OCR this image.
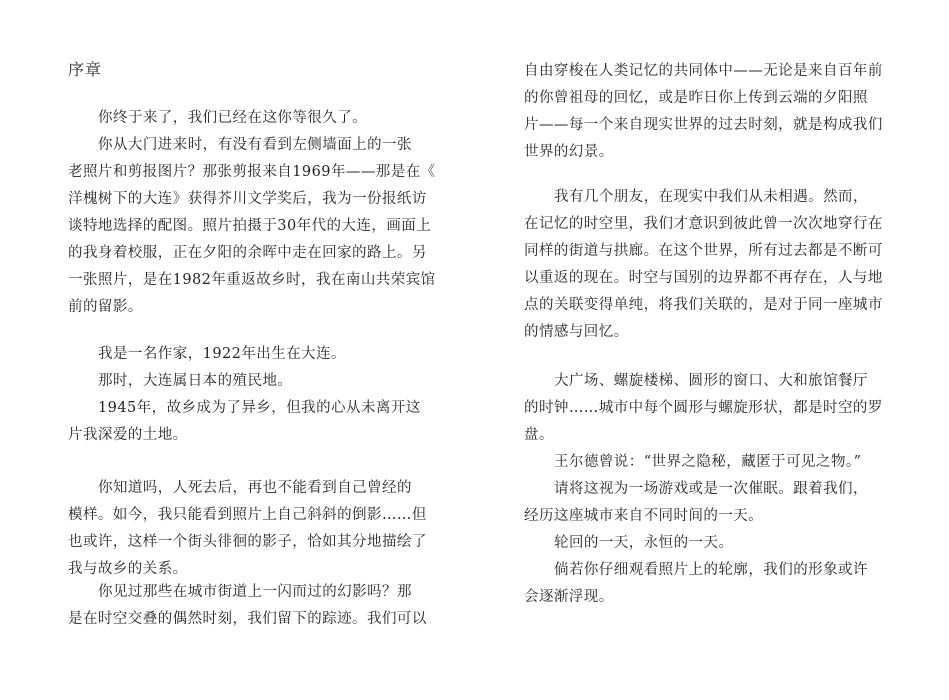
序章

你终于来了，我们已经在这你等很久了。

你从大门进来时，有没有看到左侧墙面上的一张
老照片和剪报图片？那张剪报来自1969年——那是在《
洋槐树下的大连》获得芥川文学奖后，我为一份报纸访
谈特地选择的配图。照片拍摄于30年代的大连，画面上
的我身着校服，正在夕阳的余晖中走在回家的路上。另
一张照片，是在1982年重返故乡时，我在南山共荣宾馆
前的留影。

我是一名作家，1922年出生在大连。

那时，大连属日本的殖民地。

1945年，故乡成为了异乡，但我的心从未离开这
片我深爱的土地。

你知道吗，人死去后，再也不能看到自己曾经的
模样。如今，我只能看到照片上自己斜斜的倒影……但
也或许，这样一个街头徘徊的影子，恰如其分地描绘了
我与故乡的关系。

你见过那些在城市街道上一闪而过的幻影吗？那
是在时空交叠的偶然时刻，我们留下的踪迹。我们可以

自由穿梭在人类记忆的共同体中——无论是来自百年前
的你曾祖母的回忆，或是昨日你上传到云端的夕阳照
片——每一个来自现实世界的过去时刻，就是构成我们
世界的幻景。

我有几个朋友，在现实中我们从未相遇。然而，
在记忆的时空里，我们才意识到彼此曾一次次地穿行在
同样的街道与拱廊。在这个世界，所有过去都是不断可
以重返的现在。时空与国别的边界都不再存在，人与地
点的关联变得单纯，将我们关联的，是对于同一座城市
的情感与回忆。

大广场、螺旋楼梯、圆形的窗口、大和旅馆餐厅
的时钟……城市中每个圆形与螺旋形状，都是时空的罗
盘。

王尔德曾说：“世界之隐秘，藏匿于可见之物。”

请将这视为一场游戏或是一次催眠。跟着我们，
经历这座城市来自不同时间的一天。

轮回的一天，永恒的一天。

倘若你仔细观看照片上的轮廓，我们的形象或许
会逐渐浮现。
